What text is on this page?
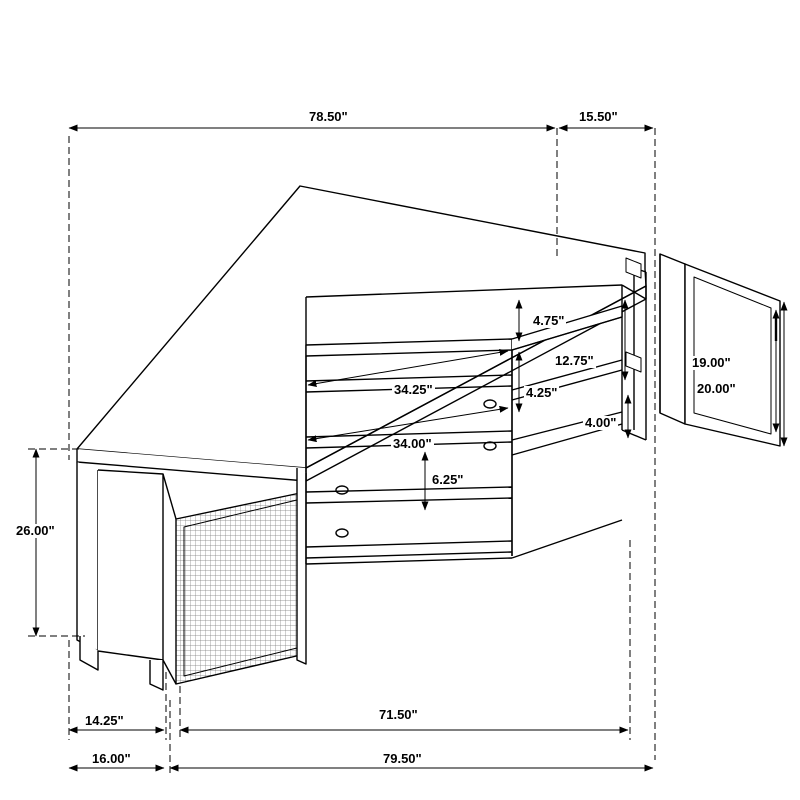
78.50"	15.50"
4.75"
34.25"
12.75"
4.25"
19.00"
20.00"
34.00"
4.00"
6.25"
26.00"
14.25"	71.50"
16.00"	79.50"
